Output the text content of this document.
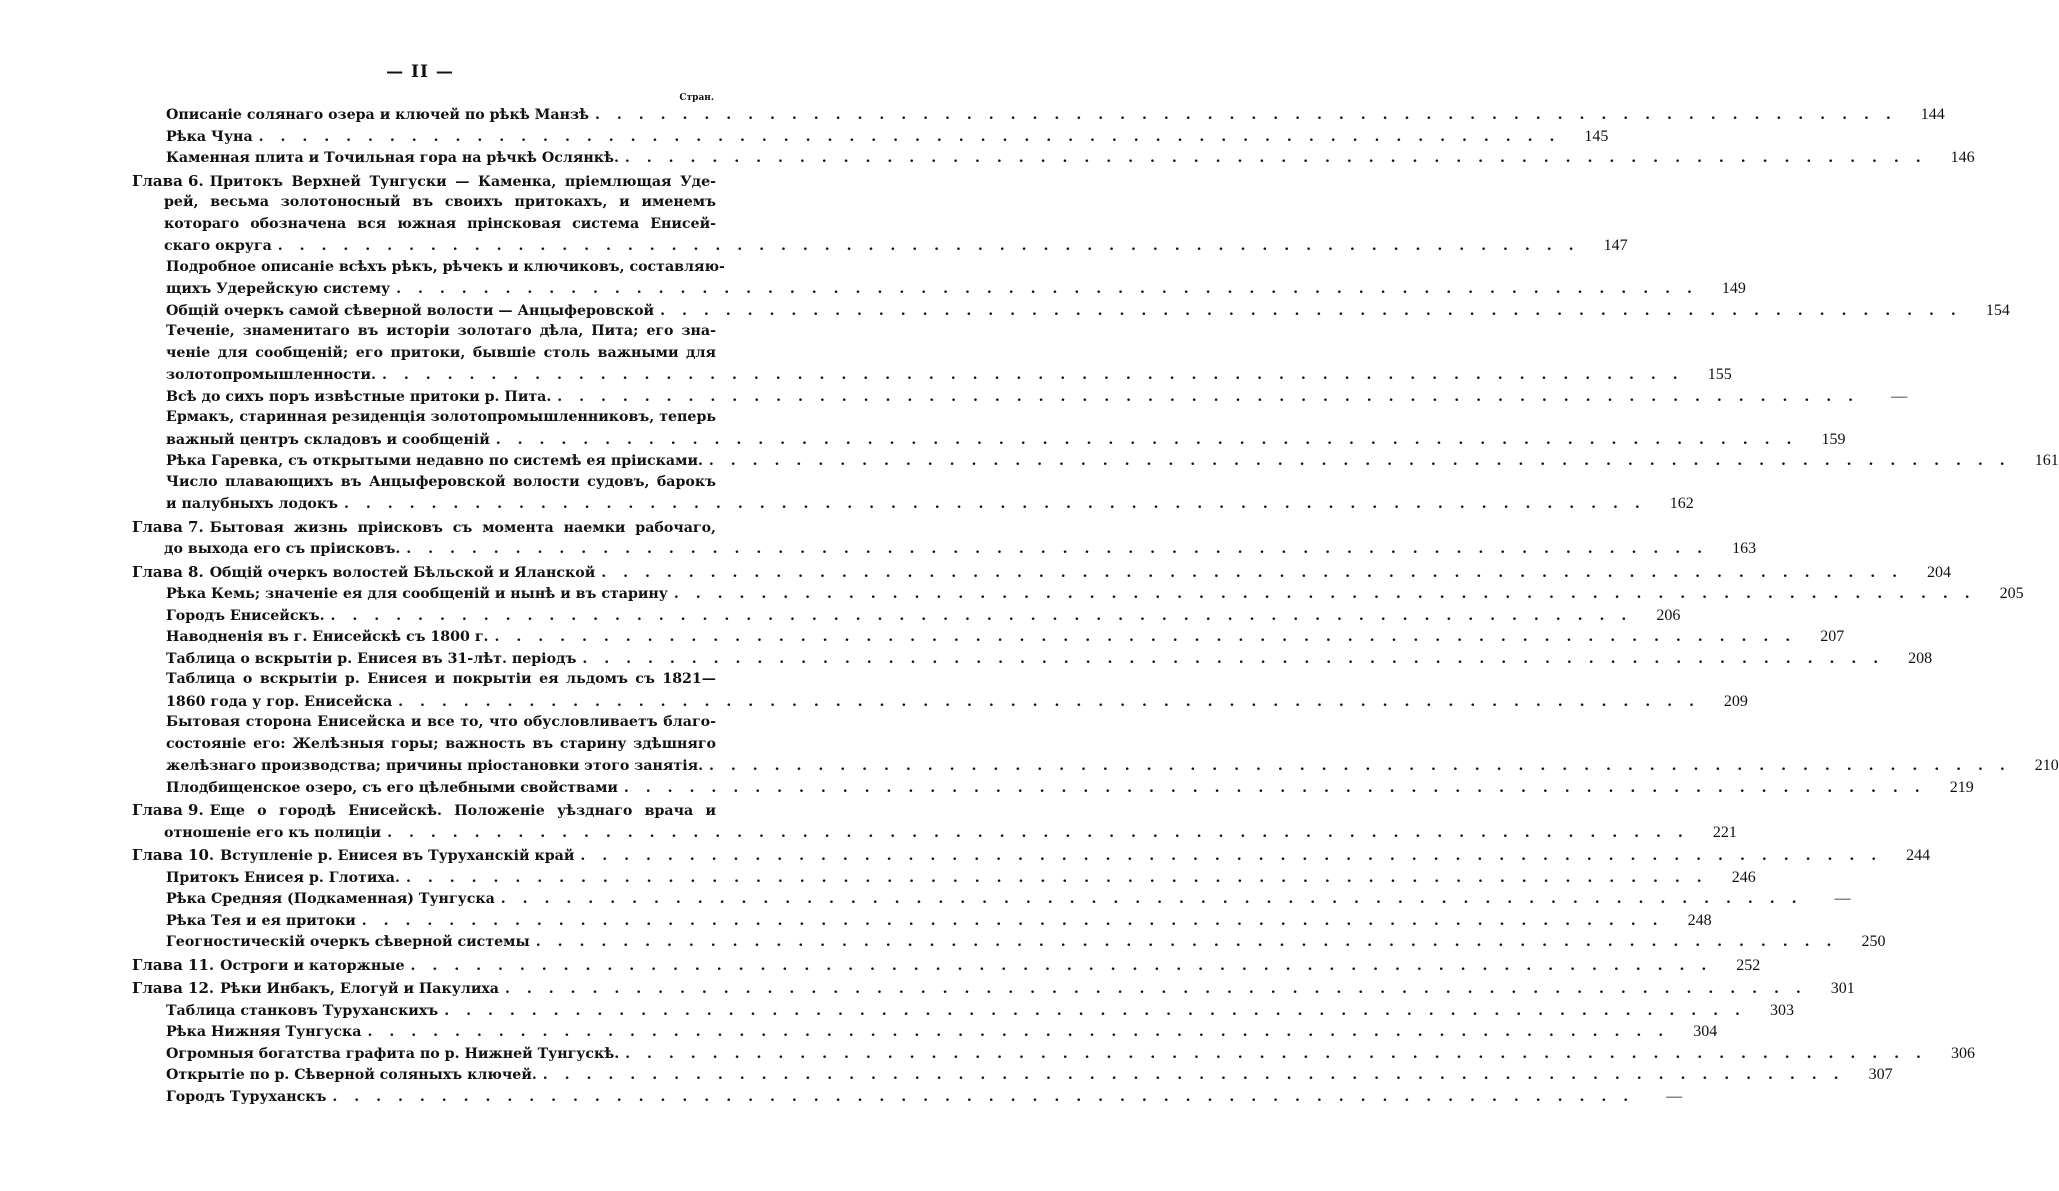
— II —
Стран.
Описаніе солянаго озера и ключей по рѣкѣ Манзѣ . . . . . . . . . . . . . . . . . . . . . . . . . . . . . . . . . . . . . . . . . . . . . . . . . . . . . . . . . . . .	144
Рѣка Чуна . . . . . . . . . . . . . . . . . . . . . . . . . . . . . . . . . . . . . . . . . . . . . . . . . . . . . . . . . . . .	145
Каменная плита и Точильная гора на рѣчкѣ Ослянкѣ. . . . . . . . . . . . . . . . . . . . . . . . . . . . . . . . . . . . . . . . . . . . . . . . . . . . . . . . . . . . .	146
Глава 6. Притокъ Верхней Тунгуски — Каменка, пріемлющая Уде-
рей, весьма золотоносный въ своихъ притокахъ, и именемъ
котораго обозначена вся южная прінсковая система Енисей-
скаго округа . . . . . . . . . . . . . . . . . . . . . . . . . . . . . . . . . . . . . . . . . . . . . . . . . . . . . . . . . . . .	147
Подробное описаніе всѣхъ рѣкъ, рѣчекъ и ключиковъ, составляю-
щихъ Удерейскую систему . . . . . . . . . . . . . . . . . . . . . . . . . . . . . . . . . . . . . . . . . . . . . . . . . . . . . . . . . . . .	149
Общій очеркъ самой сѣверной волости — Анцыферовской . . . . . . . . . . . . . . . . . . . . . . . . . . . . . . . . . . . . . . . . . . . . . . . . . . . . . . . . . . . .	154
Теченіе, знаменитаго въ исторіи золотаго дѣла, Пита; его зна-
ченіе для сообщеній; его притоки, бывшіе столь важными для
золотопромышленности. . . . . . . . . . . . . . . . . . . . . . . . . . . . . . . . . . . . . . . . . . . . . . . . . . . . . . . . . . . . .	155
Всѣ до сихъ поръ извѣстные притоки р. Пита. . . . . . . . . . . . . . . . . . . . . . . . . . . . . . . . . . . . . . . . . . . . . . . . . . . . . . . . . . . . .	—
Ермакъ, старинная резиденція золотопромышленниковъ, теперь
важный центръ складовъ и сообщеній . . . . . . . . . . . . . . . . . . . . . . . . . . . . . . . . . . . . . . . . . . . . . . . . . . . . . . . . . . . .	159
Рѣка Гаревка, съ открытыми недавно по системѣ ея пріисками. . . . . . . . . . . . . . . . . . . . . . . . . . . . . . . . . . . . . . . . . . . . . . . . . . . . . . . . . . . . .	161
Число плавающихъ въ Анцыферовской волости судовъ, барокъ
и палубныхъ лодокъ . . . . . . . . . . . . . . . . . . . . . . . . . . . . . . . . . . . . . . . . . . . . . . . . . . . . . . . . . . . .	162
Глава 7. Бытовая жизнь пріисковъ съ момента наемки рабочаго,
до выхода его съ пріисковъ. . . . . . . . . . . . . . . . . . . . . . . . . . . . . . . . . . . . . . . . . . . . . . . . . . . . . . . . . . . . .	163
Глава 8. Общій очеркъ волостей Бѣльской и Яланской . . . . . . . . . . . . . . . . . . . . . . . . . . . . . . . . . . . . . . . . . . . . . . . . . . . . . . . . . . . .	204
Рѣка Кемь; значеніе ея для сообщеній и нынѣ и въ старину . . . . . . . . . . . . . . . . . . . . . . . . . . . . . . . . . . . . . . . . . . . . . . . . . . . . . . . . . . . .	205
Городъ Енисейскъ. . . . . . . . . . . . . . . . . . . . . . . . . . . . . . . . . . . . . . . . . . . . . . . . . . . . . . . . . . . . .	206
Наводненія въ г. Енисейскѣ съ 1800 г. . . . . . . . . . . . . . . . . . . . . . . . . . . . . . . . . . . . . . . . . . . . . . . . . . . . . . . . . . . . .	207
Таблица о вскрытіи р. Енисея въ 31-лѣт. періодъ . . . . . . . . . . . . . . . . . . . . . . . . . . . . . . . . . . . . . . . . . . . . . . . . . . . . . . . . . . . .	208
Таблица о вскрытіи р. Енисея и покрытіи ея льдомъ съ 1821—
1860 года у гор. Енисейска . . . . . . . . . . . . . . . . . . . . . . . . . . . . . . . . . . . . . . . . . . . . . . . . . . . . . . . . . . . .	209
Бытовая сторона Енисейска и все то, что обусловливаетъ благо-
состояніе его: Желѣзныя горы; важность въ старину здѣшняго
желѣзнаго производства; причины пріостановки этого занятія. . . . . . . . . . . . . . . . . . . . . . . . . . . . . . . . . . . . . . . . . . . . . . . . . . . . . . . . . . . . .	210
Плодбищенское озеро, съ его цѣлебными свойствами . . . . . . . . . . . . . . . . . . . . . . . . . . . . . . . . . . . . . . . . . . . . . . . . . . . . . . . . . . . .	219
Глава 9. Еще о городѣ Енисейскѣ. Положеніе уѣзднаго врача и
отношеніе его къ полиціи . . . . . . . . . . . . . . . . . . . . . . . . . . . . . . . . . . . . . . . . . . . . . . . . . . . . . . . . . . . .	221
Глава 10. Вступленіе р. Енисея въ Туруханскій край . . . . . . . . . . . . . . . . . . . . . . . . . . . . . . . . . . . . . . . . . . . . . . . . . . . . . . . . . . . .	244
Притокъ Енисея р. Глотиха. . . . . . . . . . . . . . . . . . . . . . . . . . . . . . . . . . . . . . . . . . . . . . . . . . . . . . . . . . . . .	246
Рѣка Средняя (Подкаменная) Тунгуска . . . . . . . . . . . . . . . . . . . . . . . . . . . . . . . . . . . . . . . . . . . . . . . . . . . . . . . . . . . .	—
Рѣка Тея и ея притоки . . . . . . . . . . . . . . . . . . . . . . . . . . . . . . . . . . . . . . . . . . . . . . . . . . . . . . . . . . . .	248
Геогностическій очеркъ сѣверной системы . . . . . . . . . . . . . . . . . . . . . . . . . . . . . . . . . . . . . . . . . . . . . . . . . . . . . . . . . . . .	250
Глава 11. Остроги и каторжные . . . . . . . . . . . . . . . . . . . . . . . . . . . . . . . . . . . . . . . . . . . . . . . . . . . . . . . . . . . .	252
Глава 12. Рѣки Инбакъ, Елогуй и Пакулиха . . . . . . . . . . . . . . . . . . . . . . . . . . . . . . . . . . . . . . . . . . . . . . . . . . . . . . . . . . . .	301
Таблица станковъ Туруханскихъ . . . . . . . . . . . . . . . . . . . . . . . . . . . . . . . . . . . . . . . . . . . . . . . . . . . . . . . . . . . .	303
Рѣка Нижняя Тунгуска . . . . . . . . . . . . . . . . . . . . . . . . . . . . . . . . . . . . . . . . . . . . . . . . . . . . . . . . . . . .	304
Огромныя богатства графита по р. Нижней Тунгускѣ. . . . . . . . . . . . . . . . . . . . . . . . . . . . . . . . . . . . . . . . . . . . . . . . . . . . . . . . . . . . .	306
Открытіе по р. Сѣверной соляныхъ ключей. . . . . . . . . . . . . . . . . . . . . . . . . . . . . . . . . . . . . . . . . . . . . . . . . . . . . . . . . . . . .	307
Городъ Туруханскъ . . . . . . . . . . . . . . . . . . . . . . . . . . . . . . . . . . . . . . . . . . . . . . . . . . . . . . . . . . . .	—
